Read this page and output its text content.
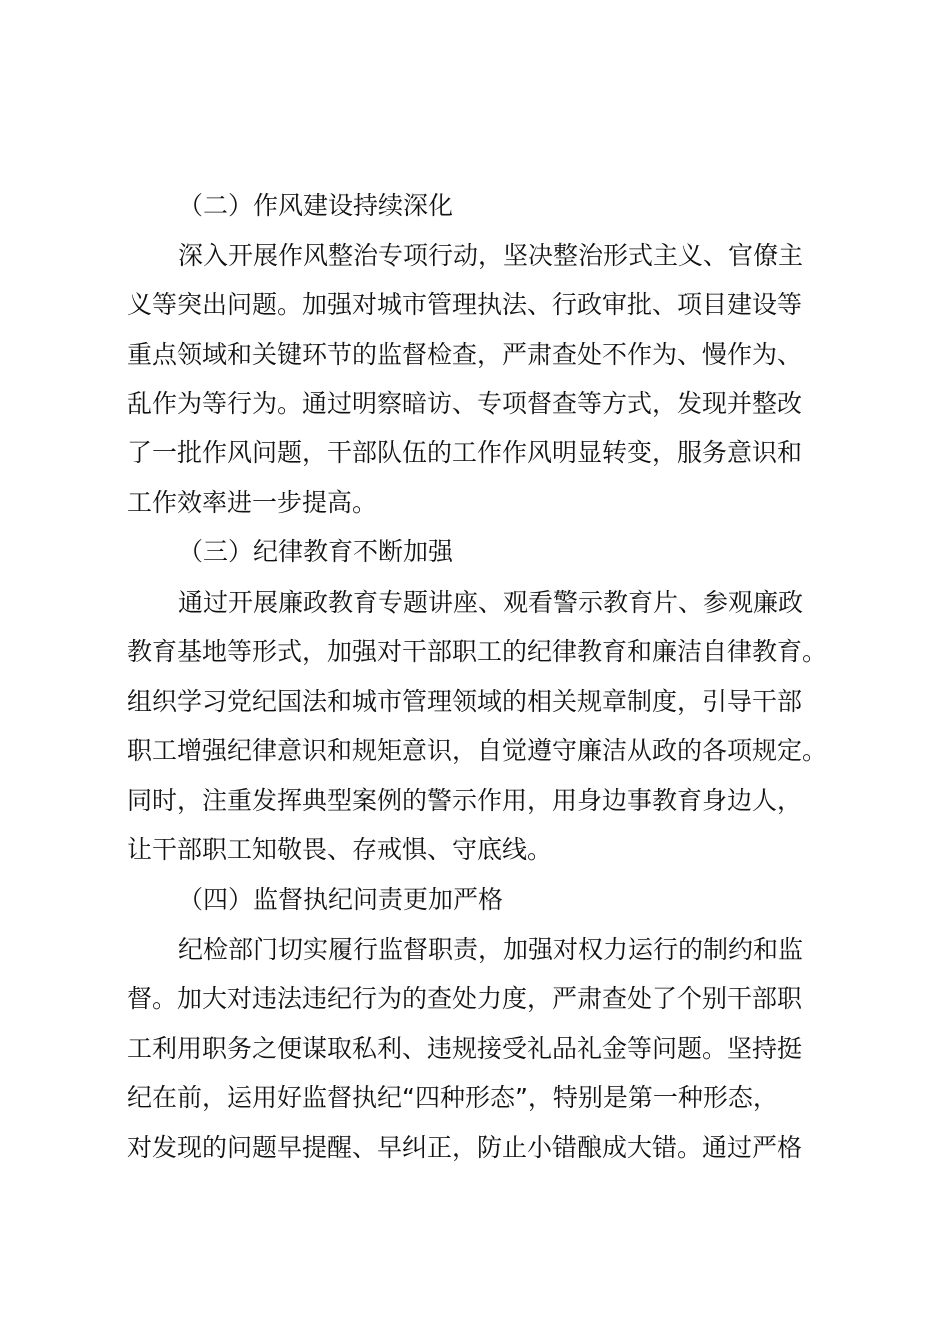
（二）作风建设持续深化
深入开展作风整治专项行动，坚决整治形式主义、官僚主
义等突出问题。加强对城市管理执法、行政审批、项目建设等
重点领域和关键环节的监督检查，严肃查处不作为、慢作为、
乱作为等行为。通过明察暗访、专项督查等方式，发现并整改
了一批作风问题，干部队伍的工作作风明显转变，服务意识和
工作效率进一步提高。
（三）纪律教育不断加强
通过开展廉政教育专题讲座、观看警示教育片、参观廉政
教育基地等形式，加强对干部职工的纪律教育和廉洁自律教育。
组织学习党纪国法和城市管理领域的相关规章制度，引导干部
职工增强纪律意识和规矩意识，自觉遵守廉洁从政的各项规定。
同时，注重发挥典型案例的警示作用，用身边事教育身边人，
让干部职工知敬畏、存戒惧、守底线。
（四）监督执纪问责更加严格
纪检部门切实履行监督职责，加强对权力运行的制约和监
督。加大对违法违纪行为的查处力度，严肃查处了个别干部职
工利用职务之便谋取私利、违规接受礼品礼金等问题。坚持挺
纪在前，运用好监督执纪“四种形态”，特别是第一种形态，
对发现的问题早提醒、早纠正，防止小错酿成大错。通过严格
